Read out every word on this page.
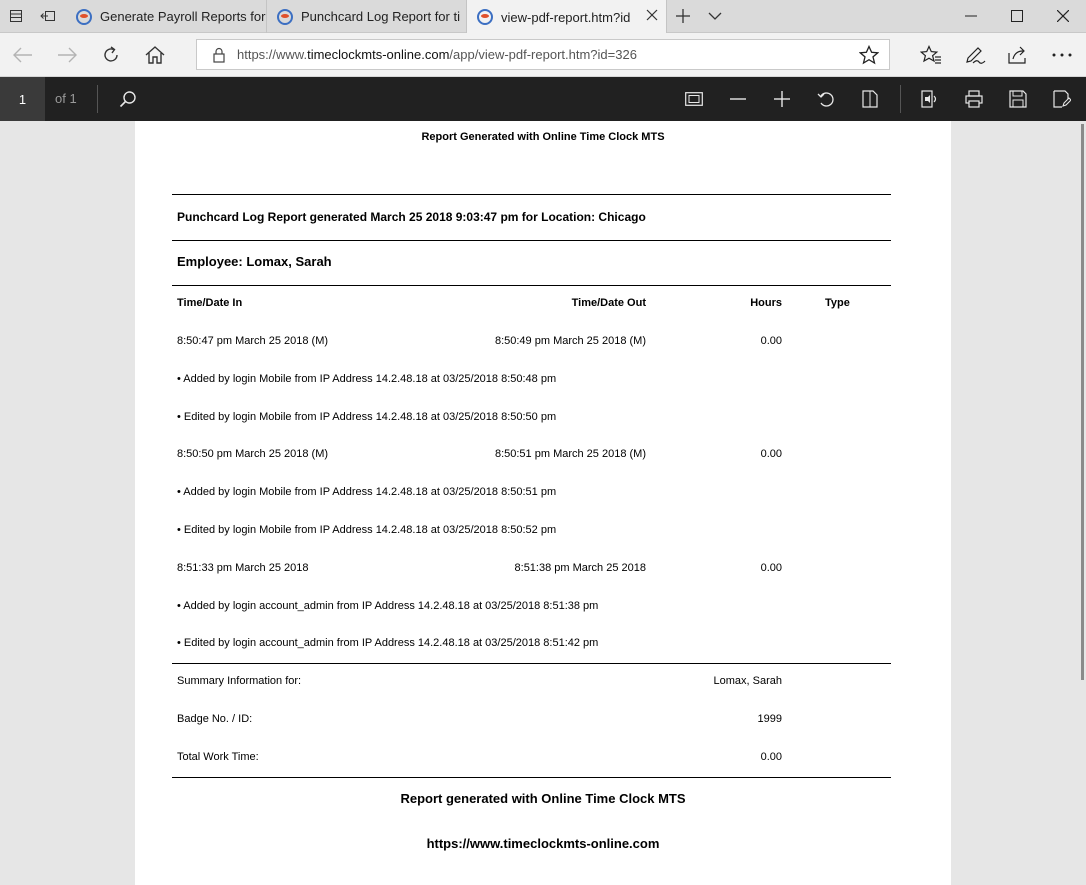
Generate Payroll Reports for	Punchcard Log Report for ti	view-pdf-report.htm?id
https://www.timeclockmts-online.com/app/view-pdf-report.htm?id=326
1	of 1
Report Generated with Online Time Clock MTS
Punchcard Log Report generated March 25 2018 9:03:47 pm for Location: Chicago
Employee: Lomax, Sarah
Time/Date In	Time/Date Out	Hours	Type
8:50:47 pm March 25 2018 (M)	8:50:49 pm March 25 2018 (M)	0.00
• Added by login Mobile from IP Address 14.2.48.18 at 03/25/2018 8:50:48 pm
• Edited by login Mobile from IP Address 14.2.48.18 at 03/25/2018 8:50:50 pm
8:50:50 pm March 25 2018 (M)	8:50:51 pm March 25 2018 (M)	0.00
• Added by login Mobile from IP Address 14.2.48.18 at 03/25/2018 8:50:51 pm
• Edited by login Mobile from IP Address 14.2.48.18 at 03/25/2018 8:50:52 pm
8:51:33 pm March 25 2018	8:51:38 pm March 25 2018	0.00
• Added by login account_admin from IP Address 14.2.48.18 at 03/25/2018 8:51:38 pm
• Edited by login account_admin from IP Address 14.2.48.18 at 03/25/2018 8:51:42 pm
Summary Information for:	Lomax, Sarah
Badge No. / ID:	1999
Total Work Time:	0.00
Report generated with Online Time Clock MTS
https://www.timeclockmts-online.com
